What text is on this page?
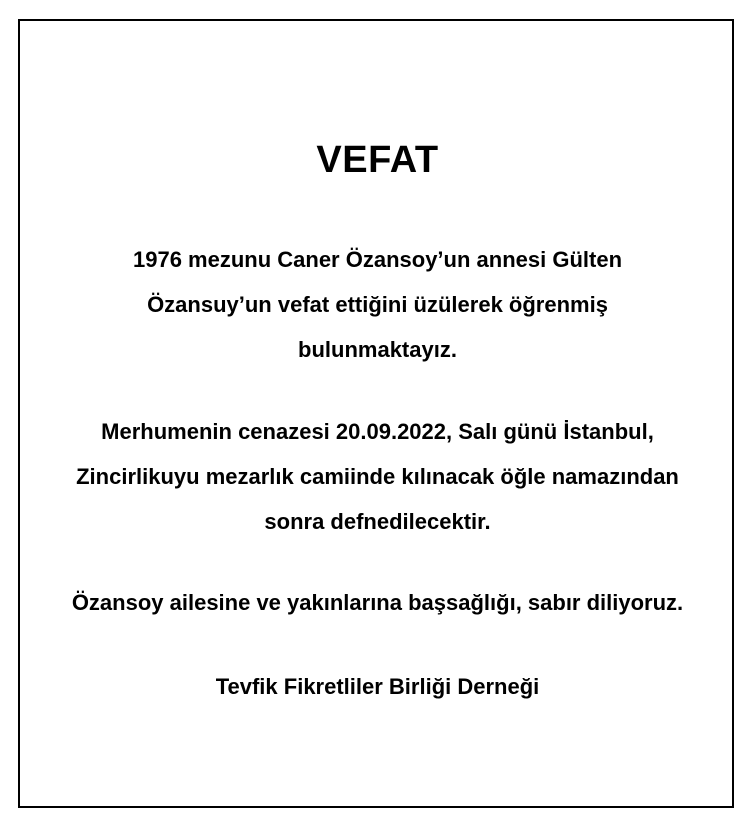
VEFAT
1976 mezunu Caner Özansoy’un annesi Gülten
Özansuy’un vefat ettiğini üzülerek öğrenmiş
bulunmaktayız.
Merhumenin cenazesi 20.09.2022, Salı günü İstanbul,
Zincirlikuyu mezarlık camiinde kılınacak öğle namazından
sonra defnedilecektir.
Özansoy ailesine ve yakınlarına başsağlığı, sabır diliyoruz.
Tevfik Fikretliler Birliği Derneği
